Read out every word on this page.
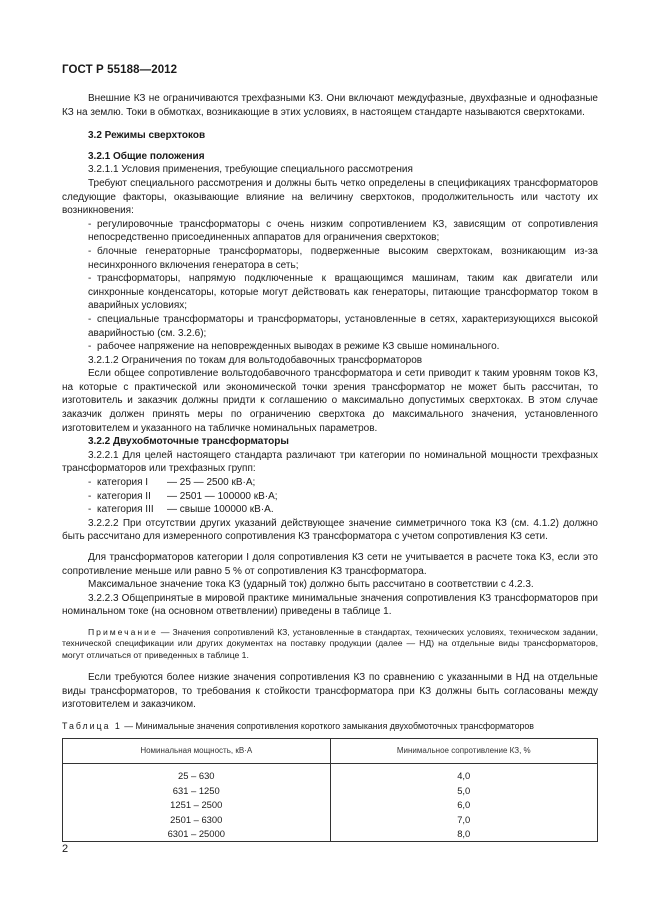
ГОСТ Р 55188—2012

Внешние КЗ не ограничиваются трехфазными КЗ. Они включают междуфазные, двухфазные и однофазные КЗ на землю. Токи в обмотках, возникающие в этих условиях, в настоящем стандарте называются сверхтоками.

3.2 Режимы сверхтоков

3.2.1 Общие положения

3.2.1.1 Условия применения, требующие специального рассмотрения

Требуют специального рассмотрения и должны быть четко определены в спецификациях трансформаторов следующие факторы, оказывающие влияние на величину сверхтоков, продолжительность или частоту их возникновения:

- регулировочные трансформаторы с очень низким сопротивлением КЗ, зависящим от сопротивления непосредственно присоединенных аппаратов для ограничения сверхтоков;

- блочные генераторные трансформаторы, подверженные высоким сверхтокам, возникающим из-за несинхронного включения генератора в сеть;

- трансформаторы, напрямую подключенные к вращающимся машинам, таким как двигатели или синхронные конденсаторы, которые могут действовать как генераторы, питающие трансформатор током в аварийных условиях;

- специальные трансформаторы и трансформаторы, установленные в сетях, характеризующихся высокой аварийностью (см. 3.2.6);

- рабочее напряжение на неповрежденных выводах в режиме КЗ свыше номинального.

3.2.1.2 Ограничения по токам для вольтодобавочных трансформаторов

Если общее сопротивление вольтодобавочного трансформатора и сети приводит к таким уровням токов КЗ, на которые с практической или экономической точки зрения трансформатор не может быть рассчитан, то изготовитель и заказчик должны придти к соглашению о максимально допустимых сверхтоках. В этом случае заказчик должен принять меры по ограничению сверхтока до максимального значения, установленного изготовителем и указанного на табличке номинальных параметров.

3.2.2 Двухобмоточные трансформаторы

3.2.2.1 Для целей настоящего стандарта различают три категории по номинальной мощности трехфазных трансформаторов или трехфазных групп:

- категория I — 25 — 2500 кВ·А;

- категория II — 2501 — 100000 кВ·А;

- категория III — свыше 100000 кВ·А.

3.2.2.2 При отсутствии других указаний действующее значение симметричного тока КЗ (см. 4.1.2) должно быть рассчитано для измеренного сопротивления КЗ трансформатора с учетом сопротивления КЗ сети.

Для трансформаторов категории I доля сопротивления КЗ сети не учитывается в расчете тока КЗ, если это сопротивление меньше или равно 5 % от сопротивления КЗ трансформатора.

Максимальное значение тока КЗ (ударный ток) должно быть рассчитано в соответствии с 4.2.3.

3.2.2.3 Общепринятые в мировой практике минимальные значения сопротивления КЗ трансформаторов при номинальном токе (на основном ответвлении) приведены в таблице 1.

Примечание — Значения сопротивлений КЗ, установленные в стандартах, технических условиях, техническом задании, технической спецификации или других документах на поставку продукции (далее — НД) на отдельные виды трансформаторов, могут отличаться от приведенных в таблице 1.

Если требуются более низкие значения сопротивления КЗ по сравнению с указанными в НД на отдельные виды трансформаторов, то требования к стойкости трансформатора при КЗ должны быть согласованы между изготовителем и заказчиком.

Таблица 1 — Минимальные значения сопротивления короткого замыкания двухобмоточных трансформаторов

Номинальная мощность, кВ·А	Минимальное сопротивление КЗ, %
25 – 630	4,0
631 – 1250	5,0
1251 – 2500	6,0
2501 – 6300	7,0
6301 – 25000	8,0
2
